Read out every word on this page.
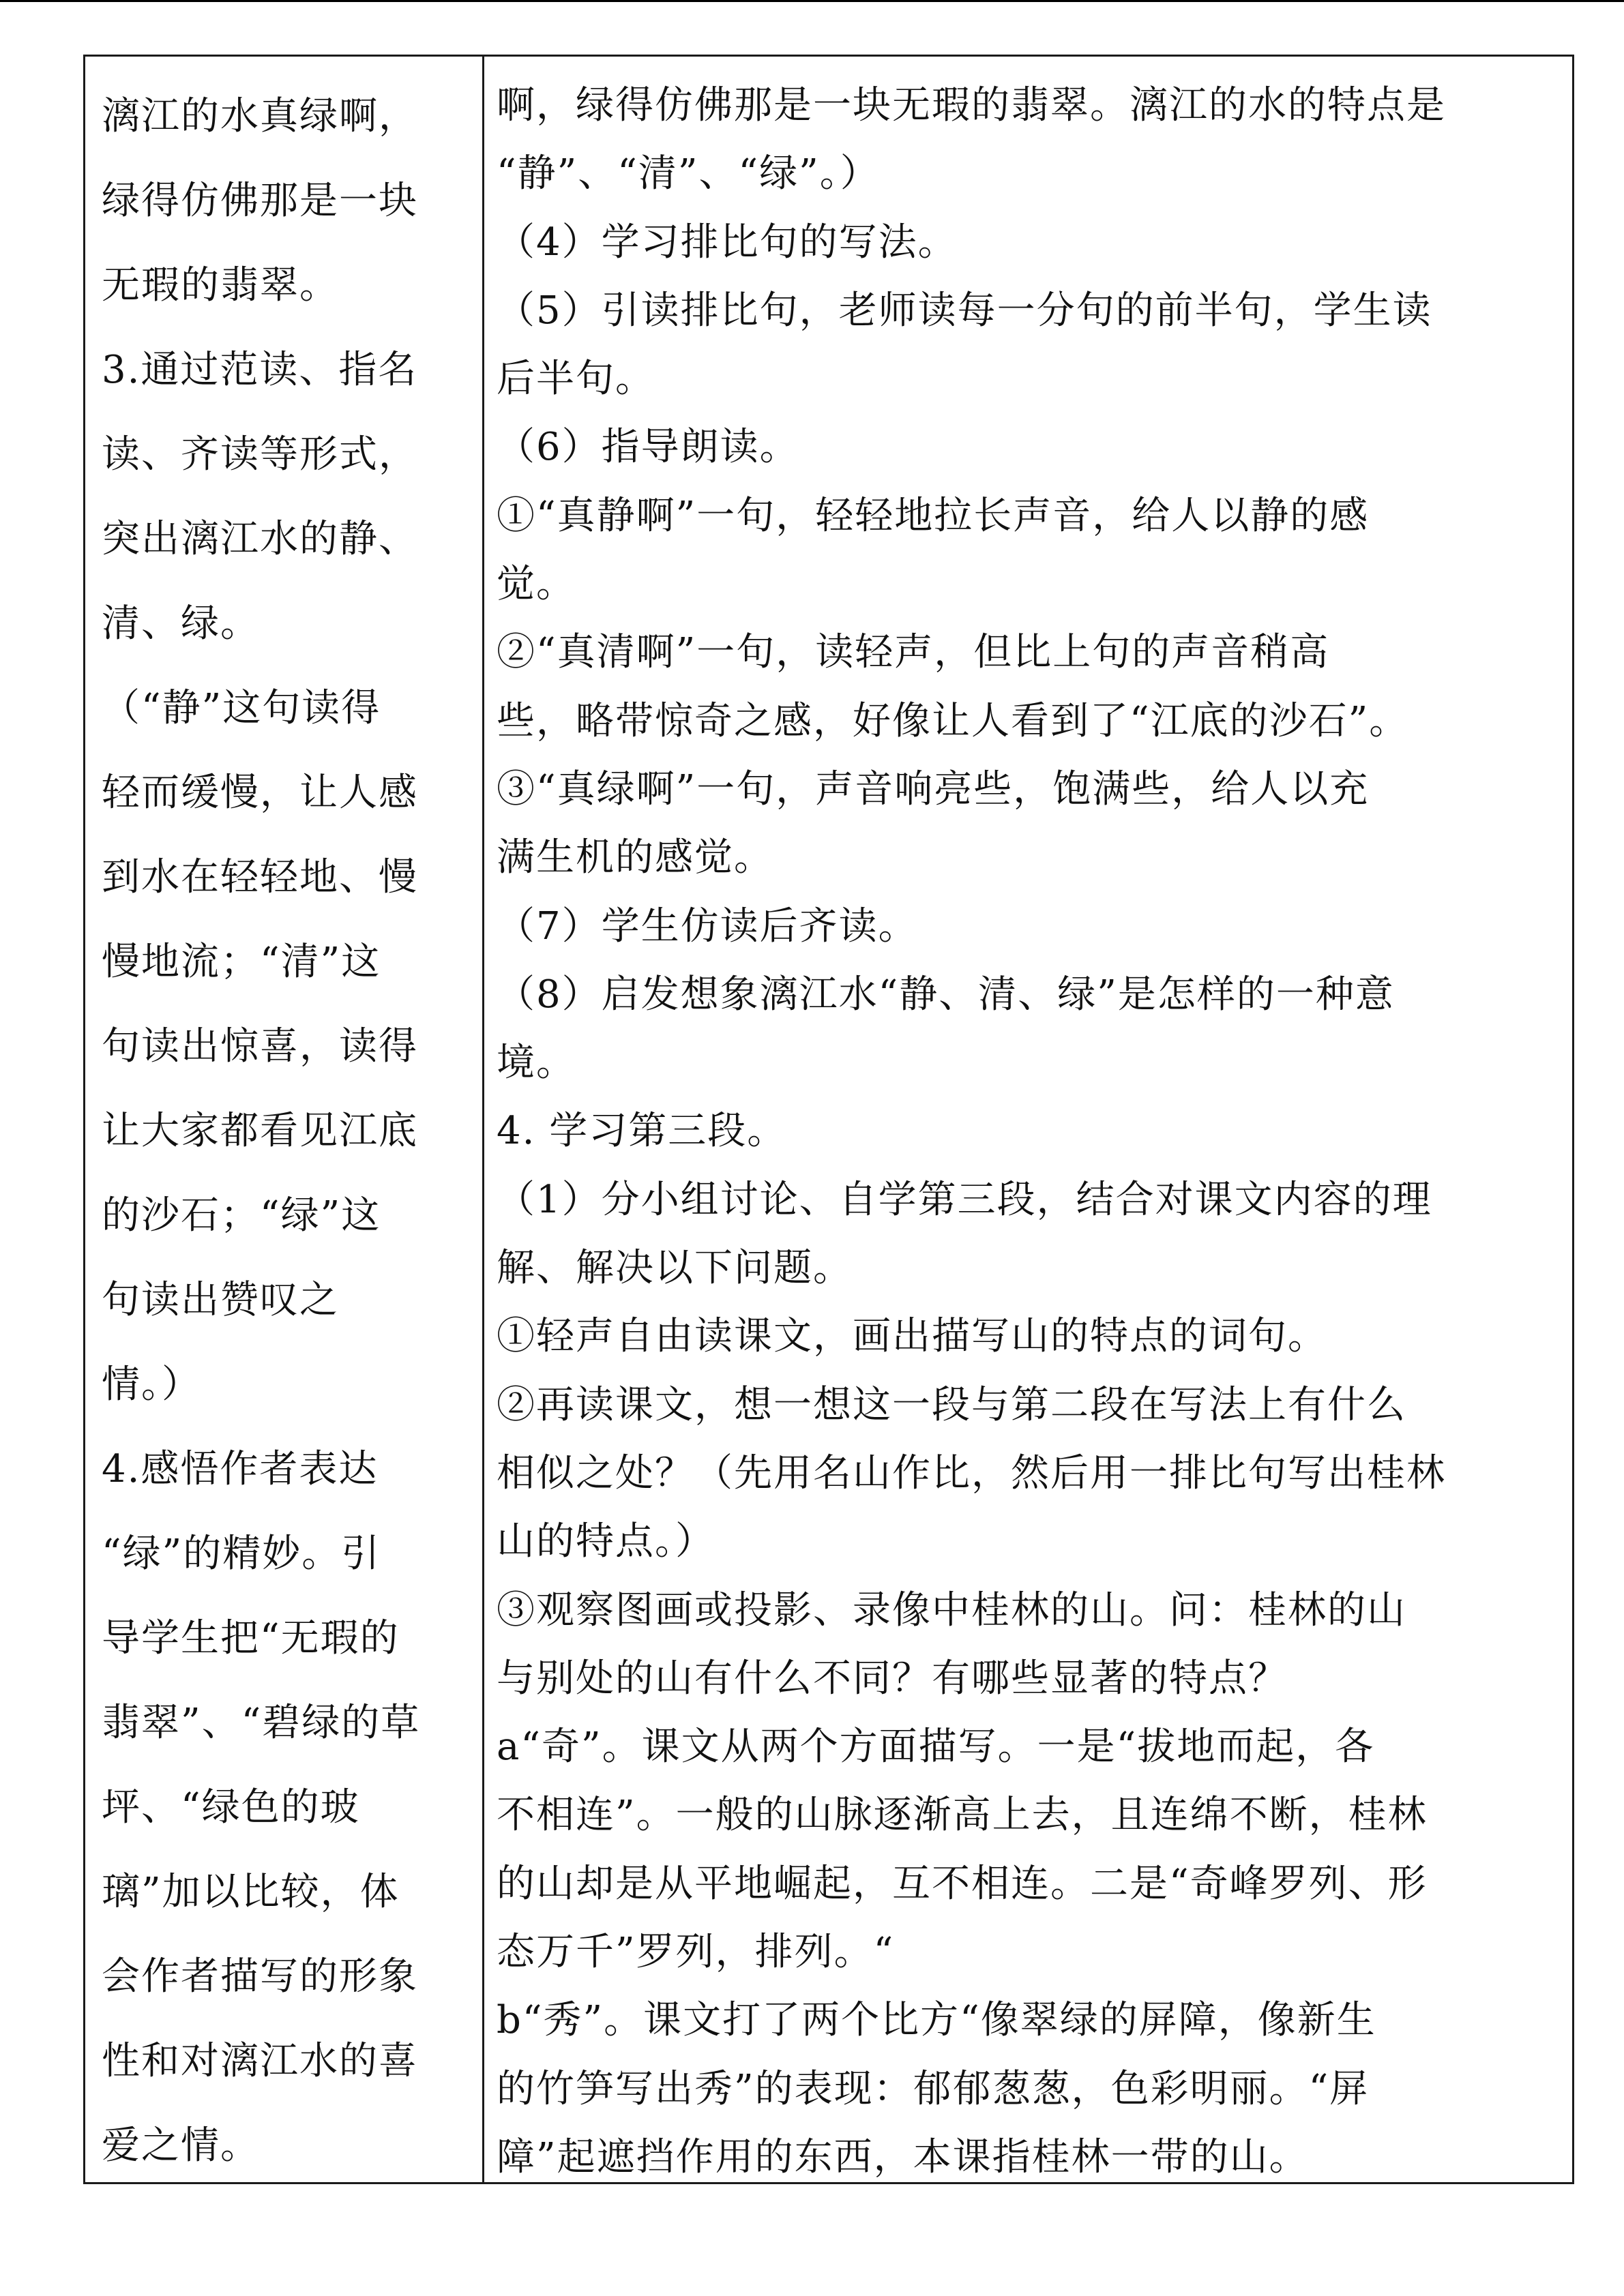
漓江的水真绿啊，
绿得仿佛那是一块
无瑕的翡翠。
3.通过范读、指名
读、齐读等形式，
突出漓江水的静、
清、绿。
（“静”这句读得
轻而缓慢，让人感
到水在轻轻地、慢
慢地流；“清”这
句读出惊喜，读得
让大家都看见江底
的沙石；“绿”这
句读出赞叹之
情。）
4.感悟作者表达
“绿”的精妙。引
导学生把“无瑕的
翡翠”、“碧绿的草
坪、“绿色的玻
璃”加以比较，体
会作者描写的形象
性和对漓江水的喜
爱之情。
啊，绿得仿佛那是一块无瑕的翡翠。漓江的水的特点是
“静”、“清”、“绿”。）
（4）学习排比句的写法。
（5）引读排比句，老师读每一分句的前半句，学生读
后半句。
（6）指导朗读。
①“真静啊”一句，轻轻地拉长声音，给人以静的感
觉。
②“真清啊”一句，读轻声，但比上句的声音稍高
些，略带惊奇之感，好像让人看到了“江底的沙石”。
③“真绿啊”一句，声音响亮些，饱满些，给人以充
满生机的感觉。
（7）学生仿读后齐读。
（8）启发想象漓江水“静、清、绿”是怎样的一种意
境。
4. 学习第三段。
（1）分小组讨论、自学第三段，结合对课文内容的理
解、解决以下问题。
①轻声自由读课文，画出描写山的特点的词句。
②再读课文，想一想这一段与第二段在写法上有什么
相似之处？（先用名山作比，然后用一排比句写出桂林
山的特点。）
③观察图画或投影、录像中桂林的山。问：桂林的山
与别处的山有什么不同？有哪些显著的特点？
a“奇”。课文从两个方面描写。一是“拔地而起，各
不相连”。一般的山脉逐渐高上去，且连绵不断，桂林
的山却是从平地崛起，互不相连。二是“奇峰罗列、形
态万千”罗列，排列。“
b“秀”。课文打了两个比方“像翠绿的屏障，像新生
的竹笋写出秀”的表现：郁郁葱葱，色彩明丽。“屏
障”起遮挡作用的东西，本课指桂林一带的山。
